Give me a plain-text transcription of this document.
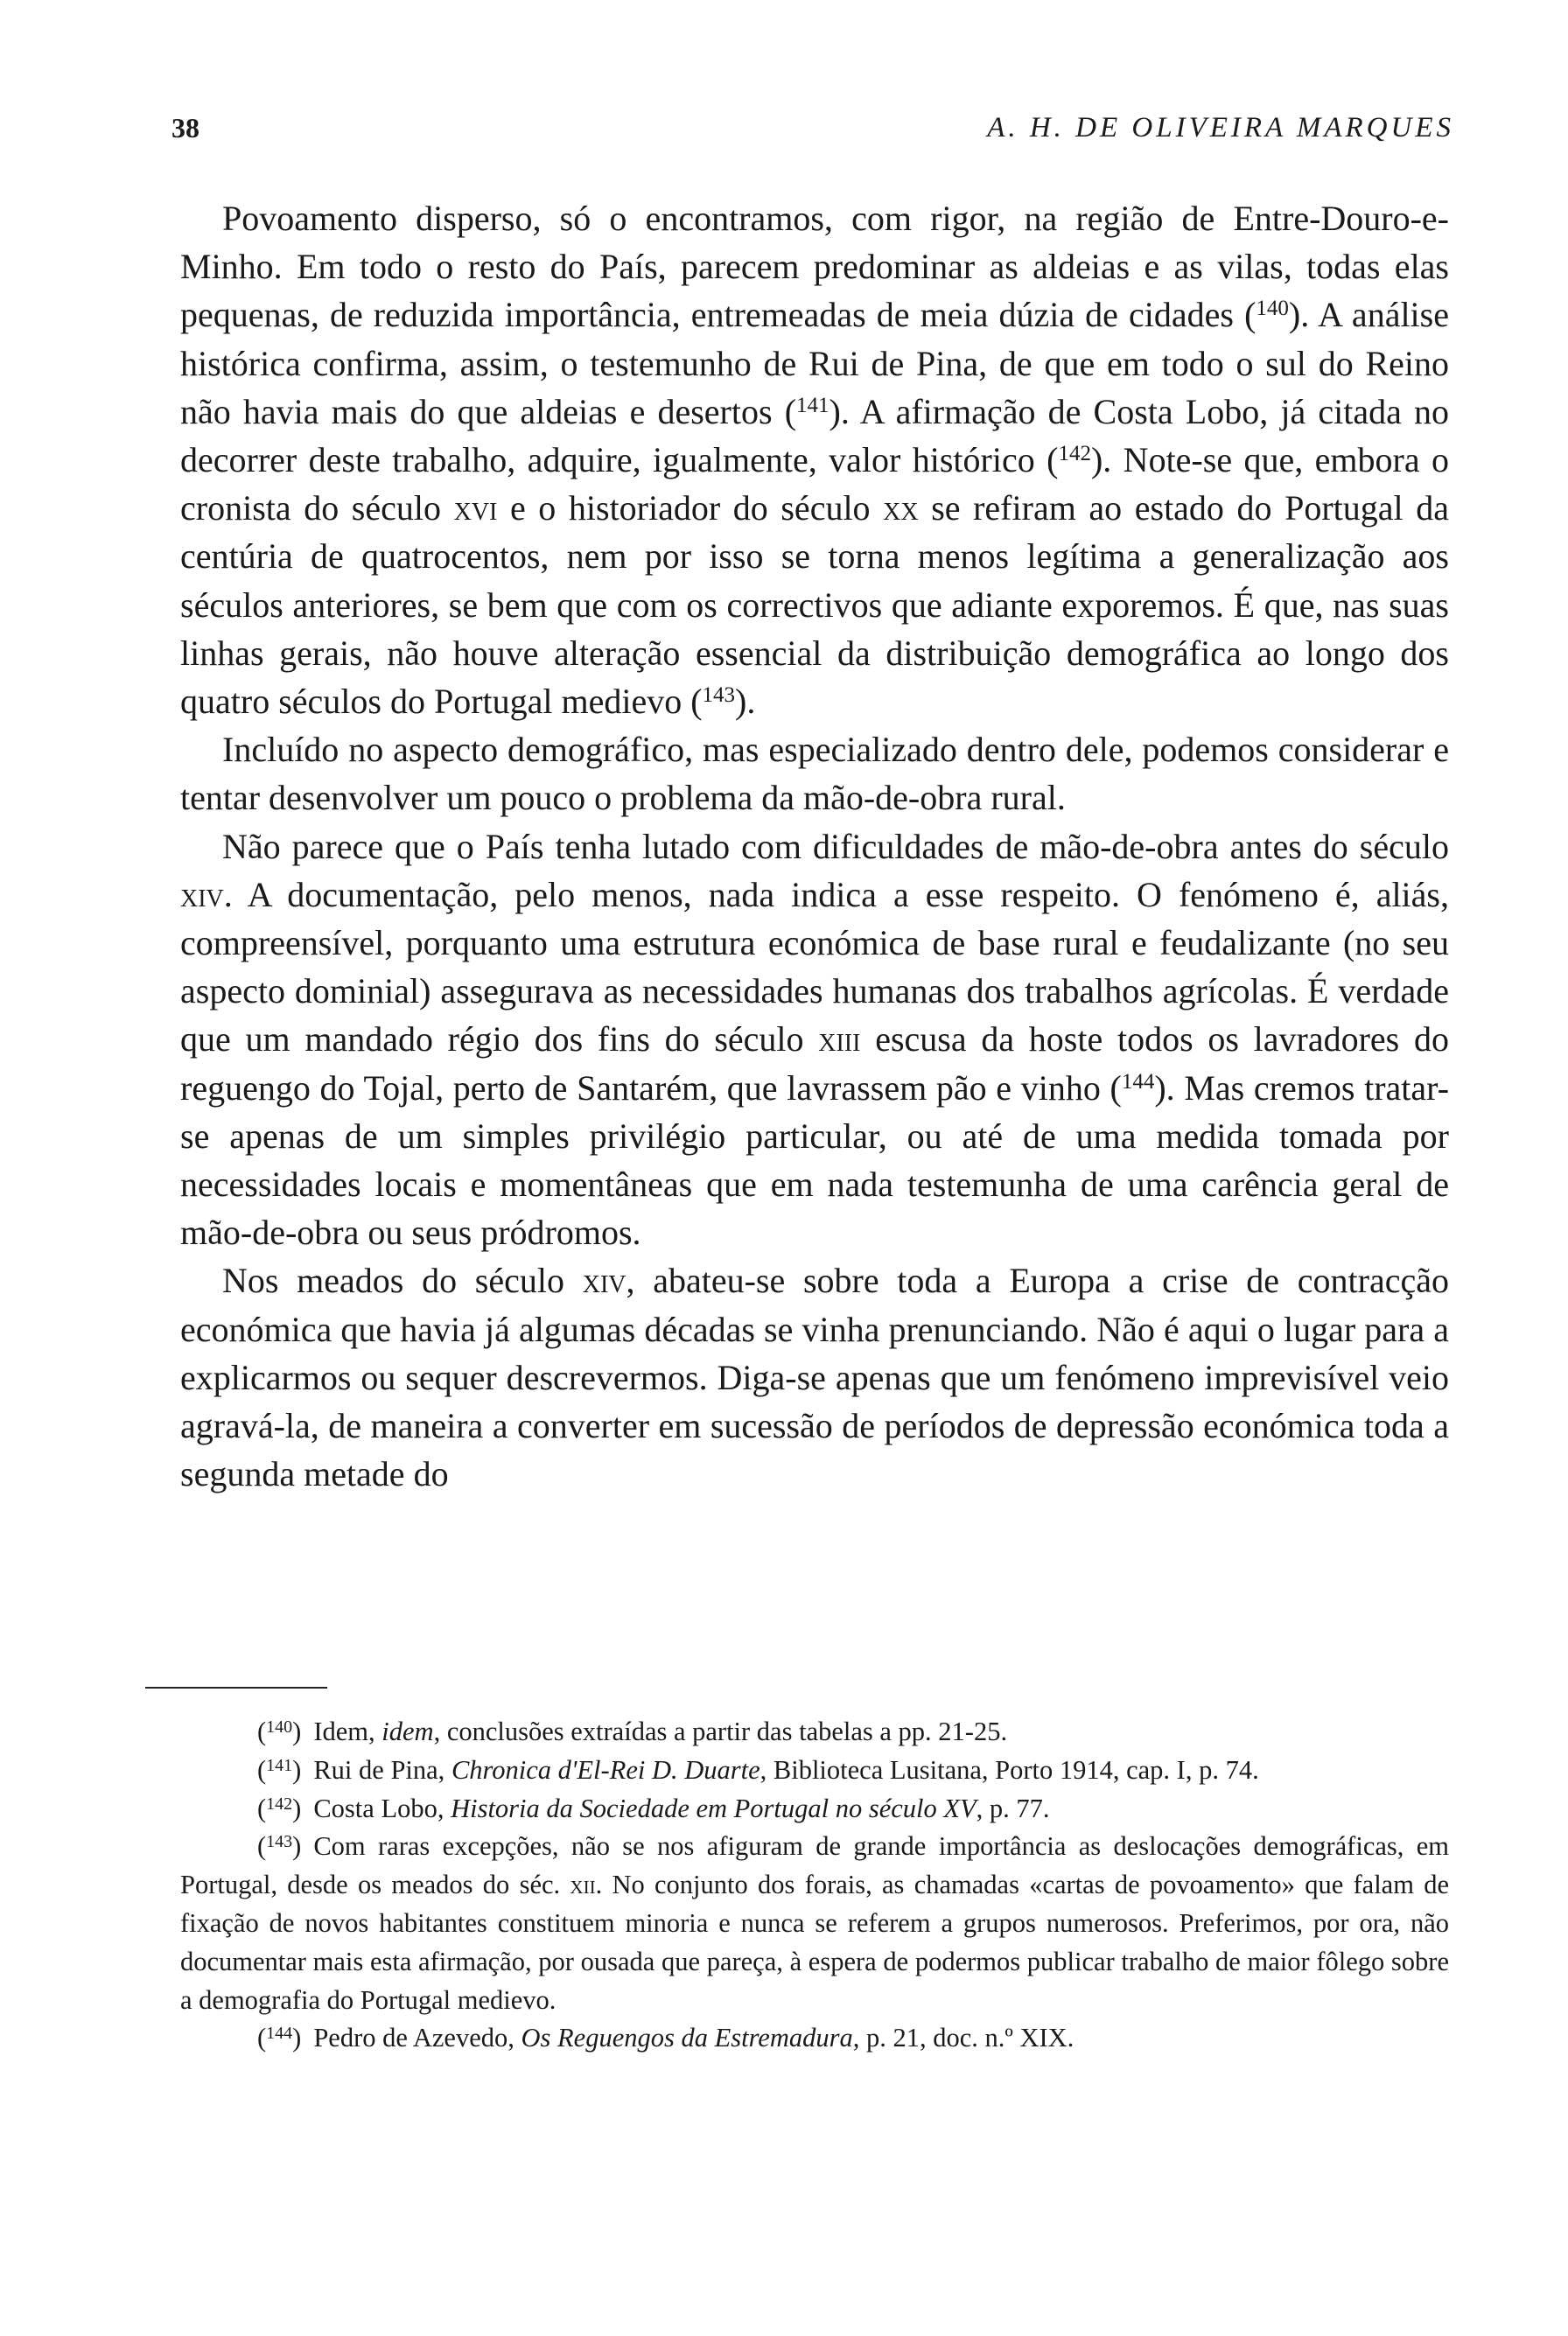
38	A. H. DE OLIVEIRA MARQUES

Povoamento disperso, só o encontramos, com rigor, na região de Entre-Douro-e-Minho. Em todo o resto do País, parecem predominar as aldeias e as vilas, todas elas pequenas, de reduzida importância, entremeadas de meia dúzia de cidades ($^{140}$). A análise histórica confirma, assim, o testemunho de Rui de Pina, de que em todo o sul do Reino não havia mais do que aldeias e desertos ($^{141}$). A afirmação de Costa Lobo, já citada no decorrer deste trabalho, adquire, igualmente, valor histórico ($^{142}$). Note-se que, embora o cronista do século xvi e o historiador do século xx se refiram ao estado do Portugal da centúria de quatrocentos, nem por isso se torna menos legítima a generalização aos séculos anteriores, se bem que com os correctivos que adiante exporemos. É que, nas suas linhas gerais, não houve alteração essencial da distribuição demográfica ao longo dos quatro séculos do Portugal medievo ($^{143}$).

Incluído no aspecto demográfico, mas especializado dentro dele, podemos considerar e tentar desenvolver um pouco o problema da mão-de-obra rural.

Não parece que o País tenha lutado com dificuldades de mão-de-obra antes do século xiv. A documentação, pelo menos, nada indica a esse respeito. O fenómeno é, aliás, compreensível, porquanto uma estrutura económica de base rural e feudalizante (no seu aspecto dominial) assegurava as necessidades humanas dos trabalhos agrícolas. É verdade que um mandado régio dos fins do século xiii escusa da hoste todos os lavradores do reguengo do Tojal, perto de Santarém, que lavrassem pão e vinho ($^{144}$). Mas cremos tratar-se apenas de um simples privilégio particular, ou até de uma medida tomada por necessidades locais e momentâneas que em nada testemunha de uma carência geral de mão-de-obra ou seus pródromos.

Nos meados do século xiv, abateu-se sobre toda a Europa a crise de contracção económica que havia já algumas décadas se vinha prenunciando. Não é aqui o lugar para a explicarmos ou sequer descrevermos. Diga-se apenas que um fenómeno imprevisível veio agravá-la, de maneira a converter em sucessão de períodos de depressão económica toda a segunda metade do

($^{140}$) Idem, idem, conclusões extraídas a partir das tabelas a pp. 21-25.

($^{141}$) Rui de Pina, Chronica d'El-Rei D. Duarte, Biblioteca Lusitana, Porto 1914, cap. I, p. 74.

($^{142}$) Costa Lobo, Historia da Sociedade em Portugal no século XV, p. 77.

($^{143}$) Com raras excepções, não se nos afiguram de grande importância as deslocações demográficas, em Portugal, desde os meados do séc. xii. No conjunto dos forais, as chamadas «cartas de povoamento» que falam de fixação de novos habitantes constituem minoria e nunca se referem a grupos numerosos. Preferimos, por ora, não documentar mais esta afirmação, por ousada que pareça, à espera de podermos publicar trabalho de maior fôlego sobre a demografia do Portugal medievo.

($^{144}$) Pedro de Azevedo, Os Reguengos da Estremadura, p. 21, doc. n.º XIX.
